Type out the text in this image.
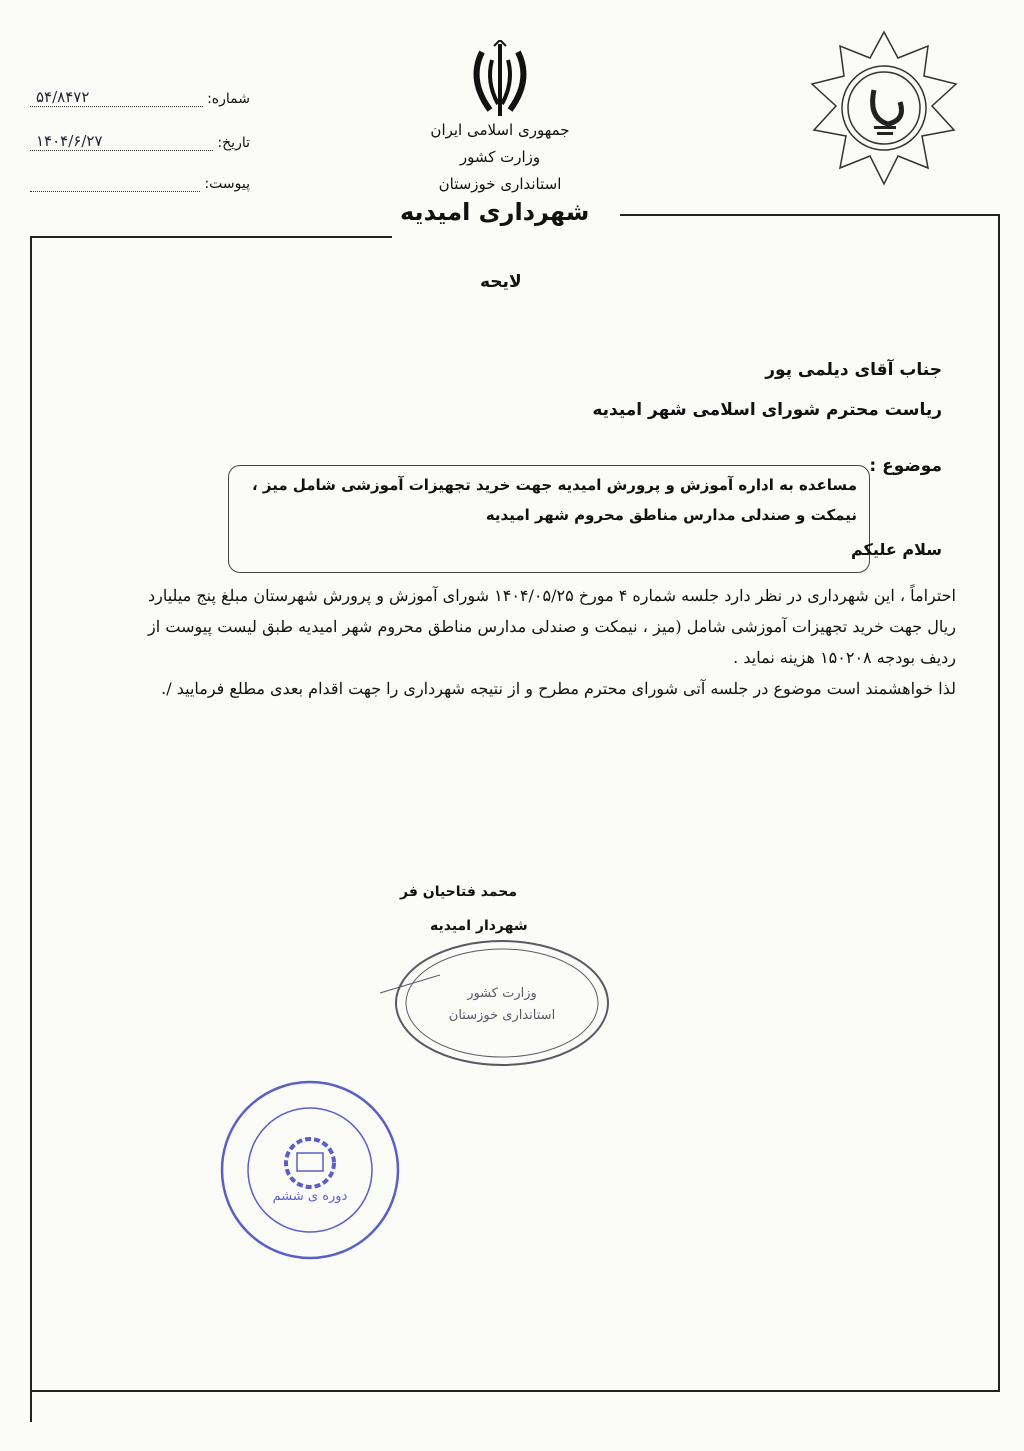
شماره:
۵۴/۸۴۷۲
تاریخ:
۱۴۰۴/۶/۲۷
پیوست:
جمهوری اسلامی ایران
وزارت کشور
استانداری خوزستان
شهرداری امیدیه
لایحه
جناب آقای دیلمی پور
ریاست محترم شورای اسلامی شهر امیدیه
موضوع :
مساعده به اداره آموزش و پرورش امیدیه جهت خرید تجهیزات آموزشی شامل میز ، نیمکت و صندلی مدارس مناطق محروم شهر امیدیه
سلام علیکم

احتراماً ، این شهرداری در نظر دارد جلسه شماره ۴ مورخ ۱۴۰۴/۰۵/۲۵ شورای آموزش و پرورش شهرستان مبلغ پنج میلیارد ریال جهت خرید تجهیزات آموزشی شامل (میز ، نیمکت و صندلی مدارس مناطق محروم شهر امیدیه طبق لیست پیوست از ردیف بودجه ۱۵۰۲۰۸ هزینه نماید .

لذا خواهشمند است موضوع در جلسه آتی شورای محترم مطرح و از نتیجه شهرداری را جهت اقدام بعدی مطلع فرمایید /.

محمد فتاحیان فر
شهردار امیدیه
وزارت کشور
استانداری خوزستان
دوره ی ششم
